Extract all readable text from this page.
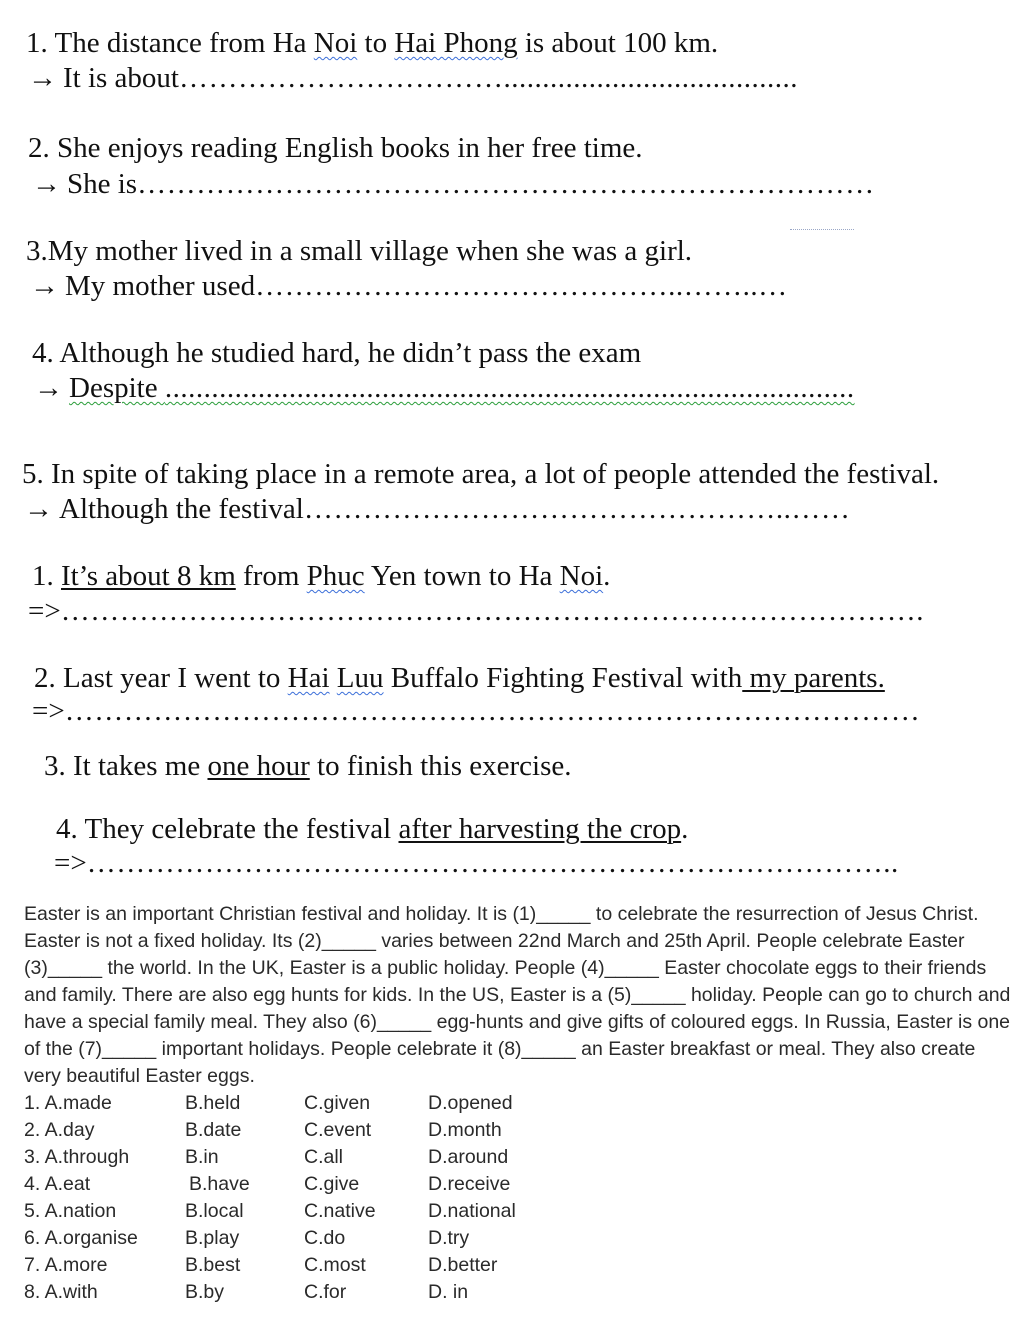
1. The distance from Ha Noi to Hai Phong is about 100 km.
→ It is about……………………………......................................
2. She enjoys reading English books in her free time.
→ She is…………………………………………………………………
3.My mother lived in a small village when she was a girl.
→ My mother used……………………………………..……..…
4. Although he studied hard, he didn’t pass the exam
→ Despite .........................................................................................
5. In spite of taking place in a remote area, a lot of people attended the festival.
→ Although the festival…………………………………………..……
1. It’s about 8 km from Phuc Yen town to Ha Noi.
=>…………………………………………………………………………….
2. Last year I went to Hai Luu Buffalo Fighting Festival with my parents.
=>……………………………………………………………………………
3. It takes me one hour to finish this exercise.
4. They celebrate the festival after harvesting the crop.
=>………………………………………………………………………..

Easter is an important Christian festival and holiday. It is (1)_____ to celebrate the resurrection of Jesus Christ. Easter is not a fixed holiday. Its (2)_____ varies between 22nd March and 25th April. People celebrate Easter (3)_____ the world. In the UK, Easter is a public holiday. People (4)_____ Easter chocolate eggs to their friends and family. There are also egg hunts for kids. In the US, Easter is a (5)_____ holiday. People can go to church and have a special family meal. They also (6)_____ egg-hunts and give gifts of coloured eggs. In Russia, Easter is one of the (7)_____ important holidays. People celebrate it (8)_____ an Easter breakfast or meal. They also create very beautiful Easter eggs.

1. A.made	B.held	C.given	D.opened
2. A.day	B.date	C.event	D.month
3. A.through	B.in	C.all	D.around
4. A.eat	B.have	C.give	D.receive
5. A.nation	B.local	C.native	D.national
6. A.organise B.play	C.do	D.try
7. A.more	B.best	C.most	D.better
8. A.with	B.by	C.for	D. in
